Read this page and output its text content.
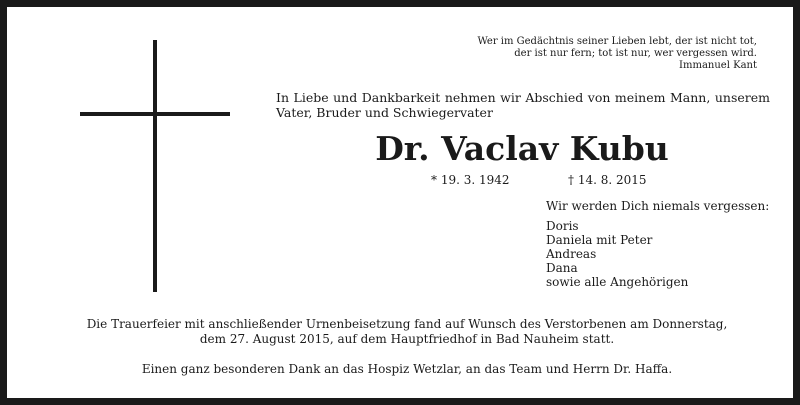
Wer im Gedächtnis seiner Lieben lebt, der ist nicht tot,
der ist nur fern; tot ist nur, wer vergessen wird.
Immanuel Kant
In Liebe und Dankbarkeit nehmen wir Abschied von meinem Mann, unserem
Vater, Bruder und Schwiegervater
Dr. Vaclav Kubu
* 19. 3. 1942	† 14. 8. 2015
Wir werden Dich niemals vergessen:
Doris
Daniela mit Peter
Andreas
Dana
sowie alle Angehörigen
Die Trauerfeier mit anschließender Urnenbeisetzung fand auf Wunsch des Verstorbenen am Donnerstag,
dem 27. August 2015, auf dem Hauptfriedhof in Bad Nauheim statt.
Einen ganz besonderen Dank an das Hospiz Wetzlar, an das Team und Herrn Dr. Haffa.
